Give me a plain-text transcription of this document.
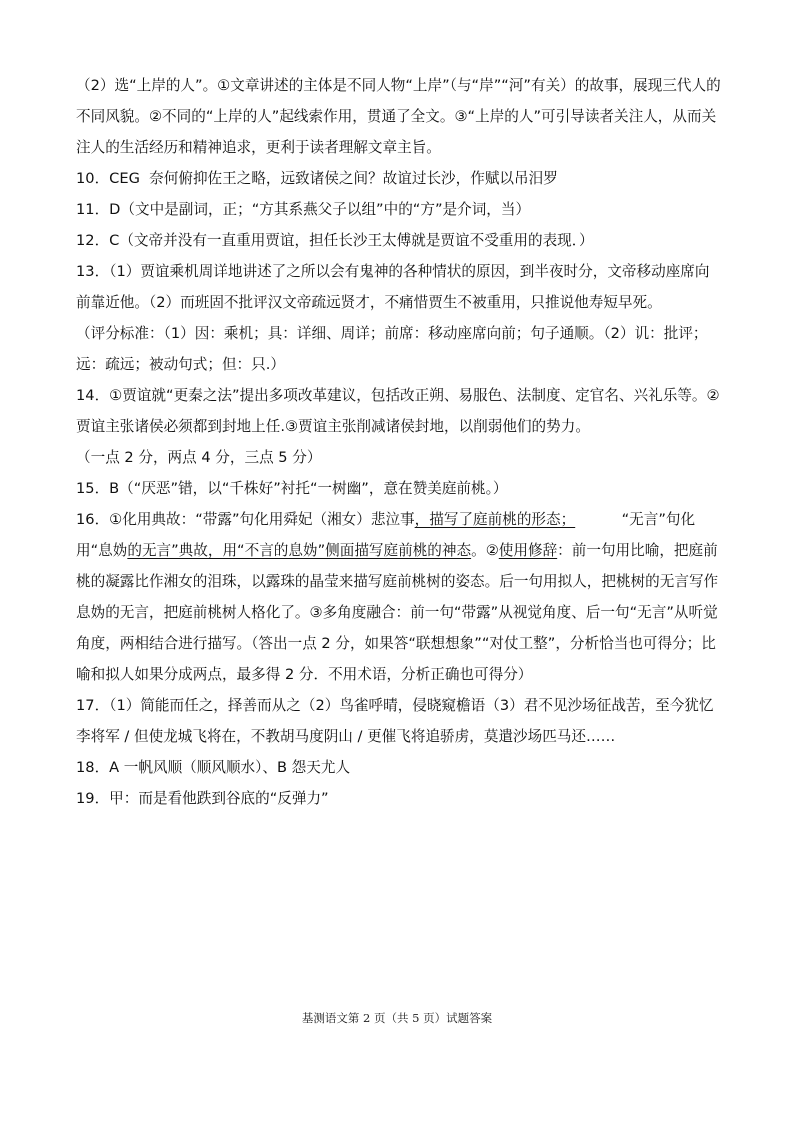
（2）选“上岸的人”。①文章讲述的主体是不同人物“上岸”（与“岸”“河”有关）的故事，展现三代人的不同风貌。②不同的“上岸的人”起线索作用，贯通了全文。③“上岸的人”可引导读者关注人，从而关注人的生活经历和精神追求，更利于读者理解文章主旨。

10．CEG  奈何俯抑佐王之略，远致诸侯之间？故谊过长沙，作赋以吊汨罗

11．D（文中是副词，正；“方其系燕父子以组”中的“方”是介词，当）

12．C（文帝并没有一直重用贾谊，担任长沙王太傅就是贾谊不受重用的表现．）

13．（1）贾谊乘机周详地讲述了之所以会有鬼神的各种情状的原因，到半夜时分，文帝移动座席向前靠近他。（2）而班固不批评汉文帝疏远贤才，不痛惜贾生不被重用，只推说他寿短早死。

（评分标准：（1）因：乘机；具：详细、周详；前席：移动座席向前；句子通顺。（2）讥：批评；远：疏远；被动句式；但：只.）

14．①贾谊就“更秦之法”提出多项改革建议，包括改正朔、易服色、法制度、定官名、兴礼乐等。②贾谊主张诸侯必须都到封地上任.③贾谊主张削减诸侯封地，以削弱他们的势力。

（一点 2 分，两点 4 分，三点 5 分）

15．B（“厌恶”错，以“千株好”衬托“一树幽”，意在赞美庭前桃。）

16．①化用典故：“带露”句化用舜妃（湘女）悲泣事，描写了庭前桃的形态；          “无言”句化用“息妫的无言”典故，用“不言的息妫”侧面描写庭前桃的神态。②使用修辞：前一句用比喻，把庭前桃的凝露比作湘女的泪珠，以露珠的晶莹来描写庭前桃树的姿态。后一句用拟人，把桃树的无言写作息妫的无言，把庭前桃树人格化了。③多角度融合：前一句“带露”从视觉角度、后一句“无言”从听觉角度，两相结合进行描写。（答出一点 2 分，如果答“联想想象”“对仗工整”，分析恰当也可得分；比喻和拟人如果分成两点，最多得 2 分．不用术语，分析正确也可得分）

17．（1）简能而任之，择善而从之（2）鸟雀呼晴，侵晓窥檐语（3）君不见沙场征战苦，至今犹忆李将军 / 但使龙城飞将在，不教胡马度阴山 / 更催飞将追骄虏，莫遣沙场匹马还……

18．A 一帆风顺（顺风顺水）、B 怨天尤人

19．甲：而是看他跌到谷底的“反弹力”

基测语文第 2 页（共 5 页）试题答案
